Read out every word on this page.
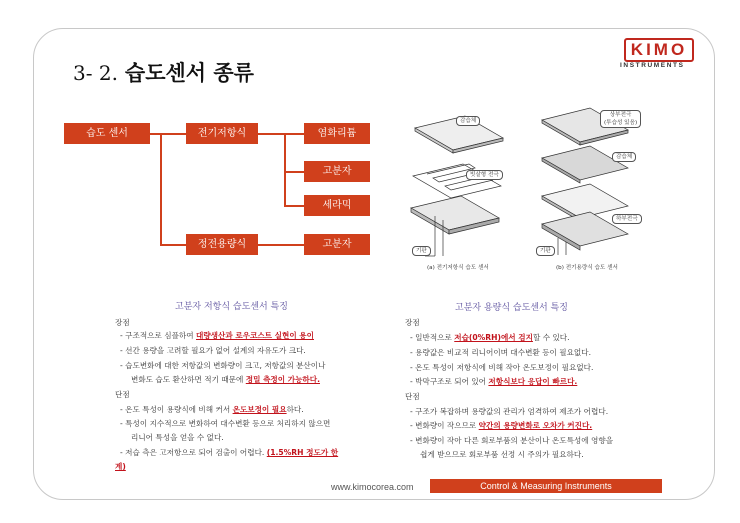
3- 2. 습도센서 종류
KIMO
INSTRUMENTS
습도 센서	전기저항식
정전용량식
염화리튬
고분자
세라믹
고분자
감습체
빗살형 전극
기판
(a) 전기저항식 습도 센서
상부전극
(투습성 있음)
감습체
하부전극
기판
(b) 전기용량식 습도 센서
고분자 저항식 습도센서 특징
장점
- 구조적으로 심플하여 대량생산과 로우코스트 실현이 용이
- 선간 용량을 고려할 필요가 없어 설계의 자유도가 크다.
- 습도변화에 대한 저항값의 변화량이 크고, 저항값의 분산이나
변화도 습도 환산하면 적기 때문에 정밀 측정이 가능하다.
단점
- 온도 특성이 용량식에 비해 커서 온도보정이 필요하다.
- 특성이 지수적으로 변화하여 대수변환 등으로 처리하지 않으면
리니어 특성을 얻을 수 없다.
- 저습 측은 고저항으로 되어 검출이 어렵다. (1.5%RH 정도가 한
계)
고분자 용량식 습도센서 특징
장점
- 일반적으로 저습(0%RH)에서 검지할 수 있다.
- 용량값은 비교적 리니어이며 대수변환 등이 필요없다.
- 온도 특성이 저항식에 비해 작아 온도보정이 필요없다.
- 박막구조로 되어 있어 저항식보다 응답이 빠르다.
단점
- 구조가 복잡하며 용량값의 관리가 엄격하여 제조가 어렵다.
- 변화량이 작으므로 약간의 용량변화로 오차가 커진다.
- 변화량이 작아 다른 회로부품의 분산이나 온도특성에 영향을
쉽게 받으므로 회로부품 선정 시 주의가 필요하다.
www.kimocorea.com	Control & Measuring Instruments
